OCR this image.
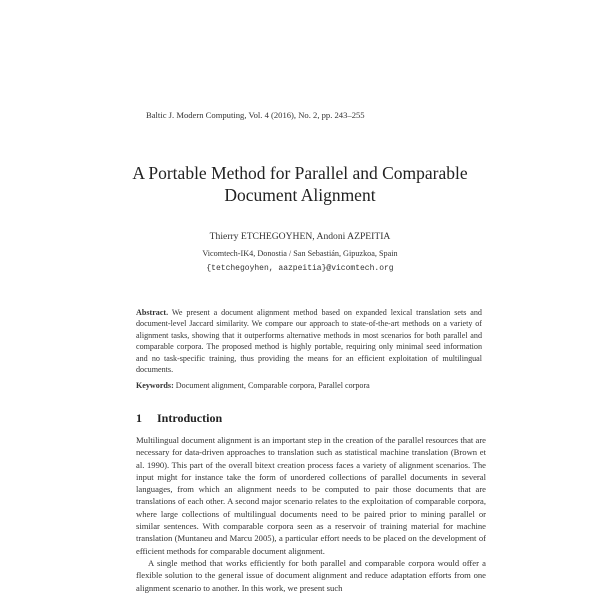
Baltic J. Modern Computing, Vol. 4 (2016), No. 2, pp. 243–255
A Portable Method for Parallel and Comparable
Document Alignment
Thierry ETCHEGOYHEN, Andoni AZPEITIA
Vicomtech-IK4, Donostia / San Sebastián, Gipuzkoa, Spain
{tetchegoyhen, aazpeitia}@vicomtech.org
Abstract. We present a document alignment method based on expanded lexical translation sets and document-level Jaccard similarity. We compare our approach to state-of-the-art methods on a variety of alignment tasks, showing that it outperforms alternative methods in most scenarios for both parallel and comparable corpora. The proposed method is highly portable, requiring only minimal seed information and no task-specific training, thus providing the means for an efficient exploitation of multilingual documents.
Keywords: Document alignment, Comparable corpora, Parallel corpora
1 Introduction

Multilingual document alignment is an important step in the creation of the parallel resources that are necessary for data-driven approaches to translation such as statistical machine translation (Brown et al. 1990). This part of the overall bitext creation process faces a variety of alignment scenarios. The input might for instance take the form of unordered collections of parallel documents in several languages, from which an alignment needs to be computed to pair those documents that are translations of each other. A second major scenario relates to the exploitation of comparable corpora, where large collections of multilingual documents need to be paired prior to mining parallel or similar sentences. With comparable corpora seen as a reservoir of training material for machine translation (Muntaneu and Marcu 2005), a particular effort needs to be placed on the development of efficient methods for comparable document alignment.

A single method that works efficiently for both parallel and comparable corpora would offer a flexible solution to the general issue of document alignment and reduce adaptation efforts from one alignment scenario to another. In this work, we present such
